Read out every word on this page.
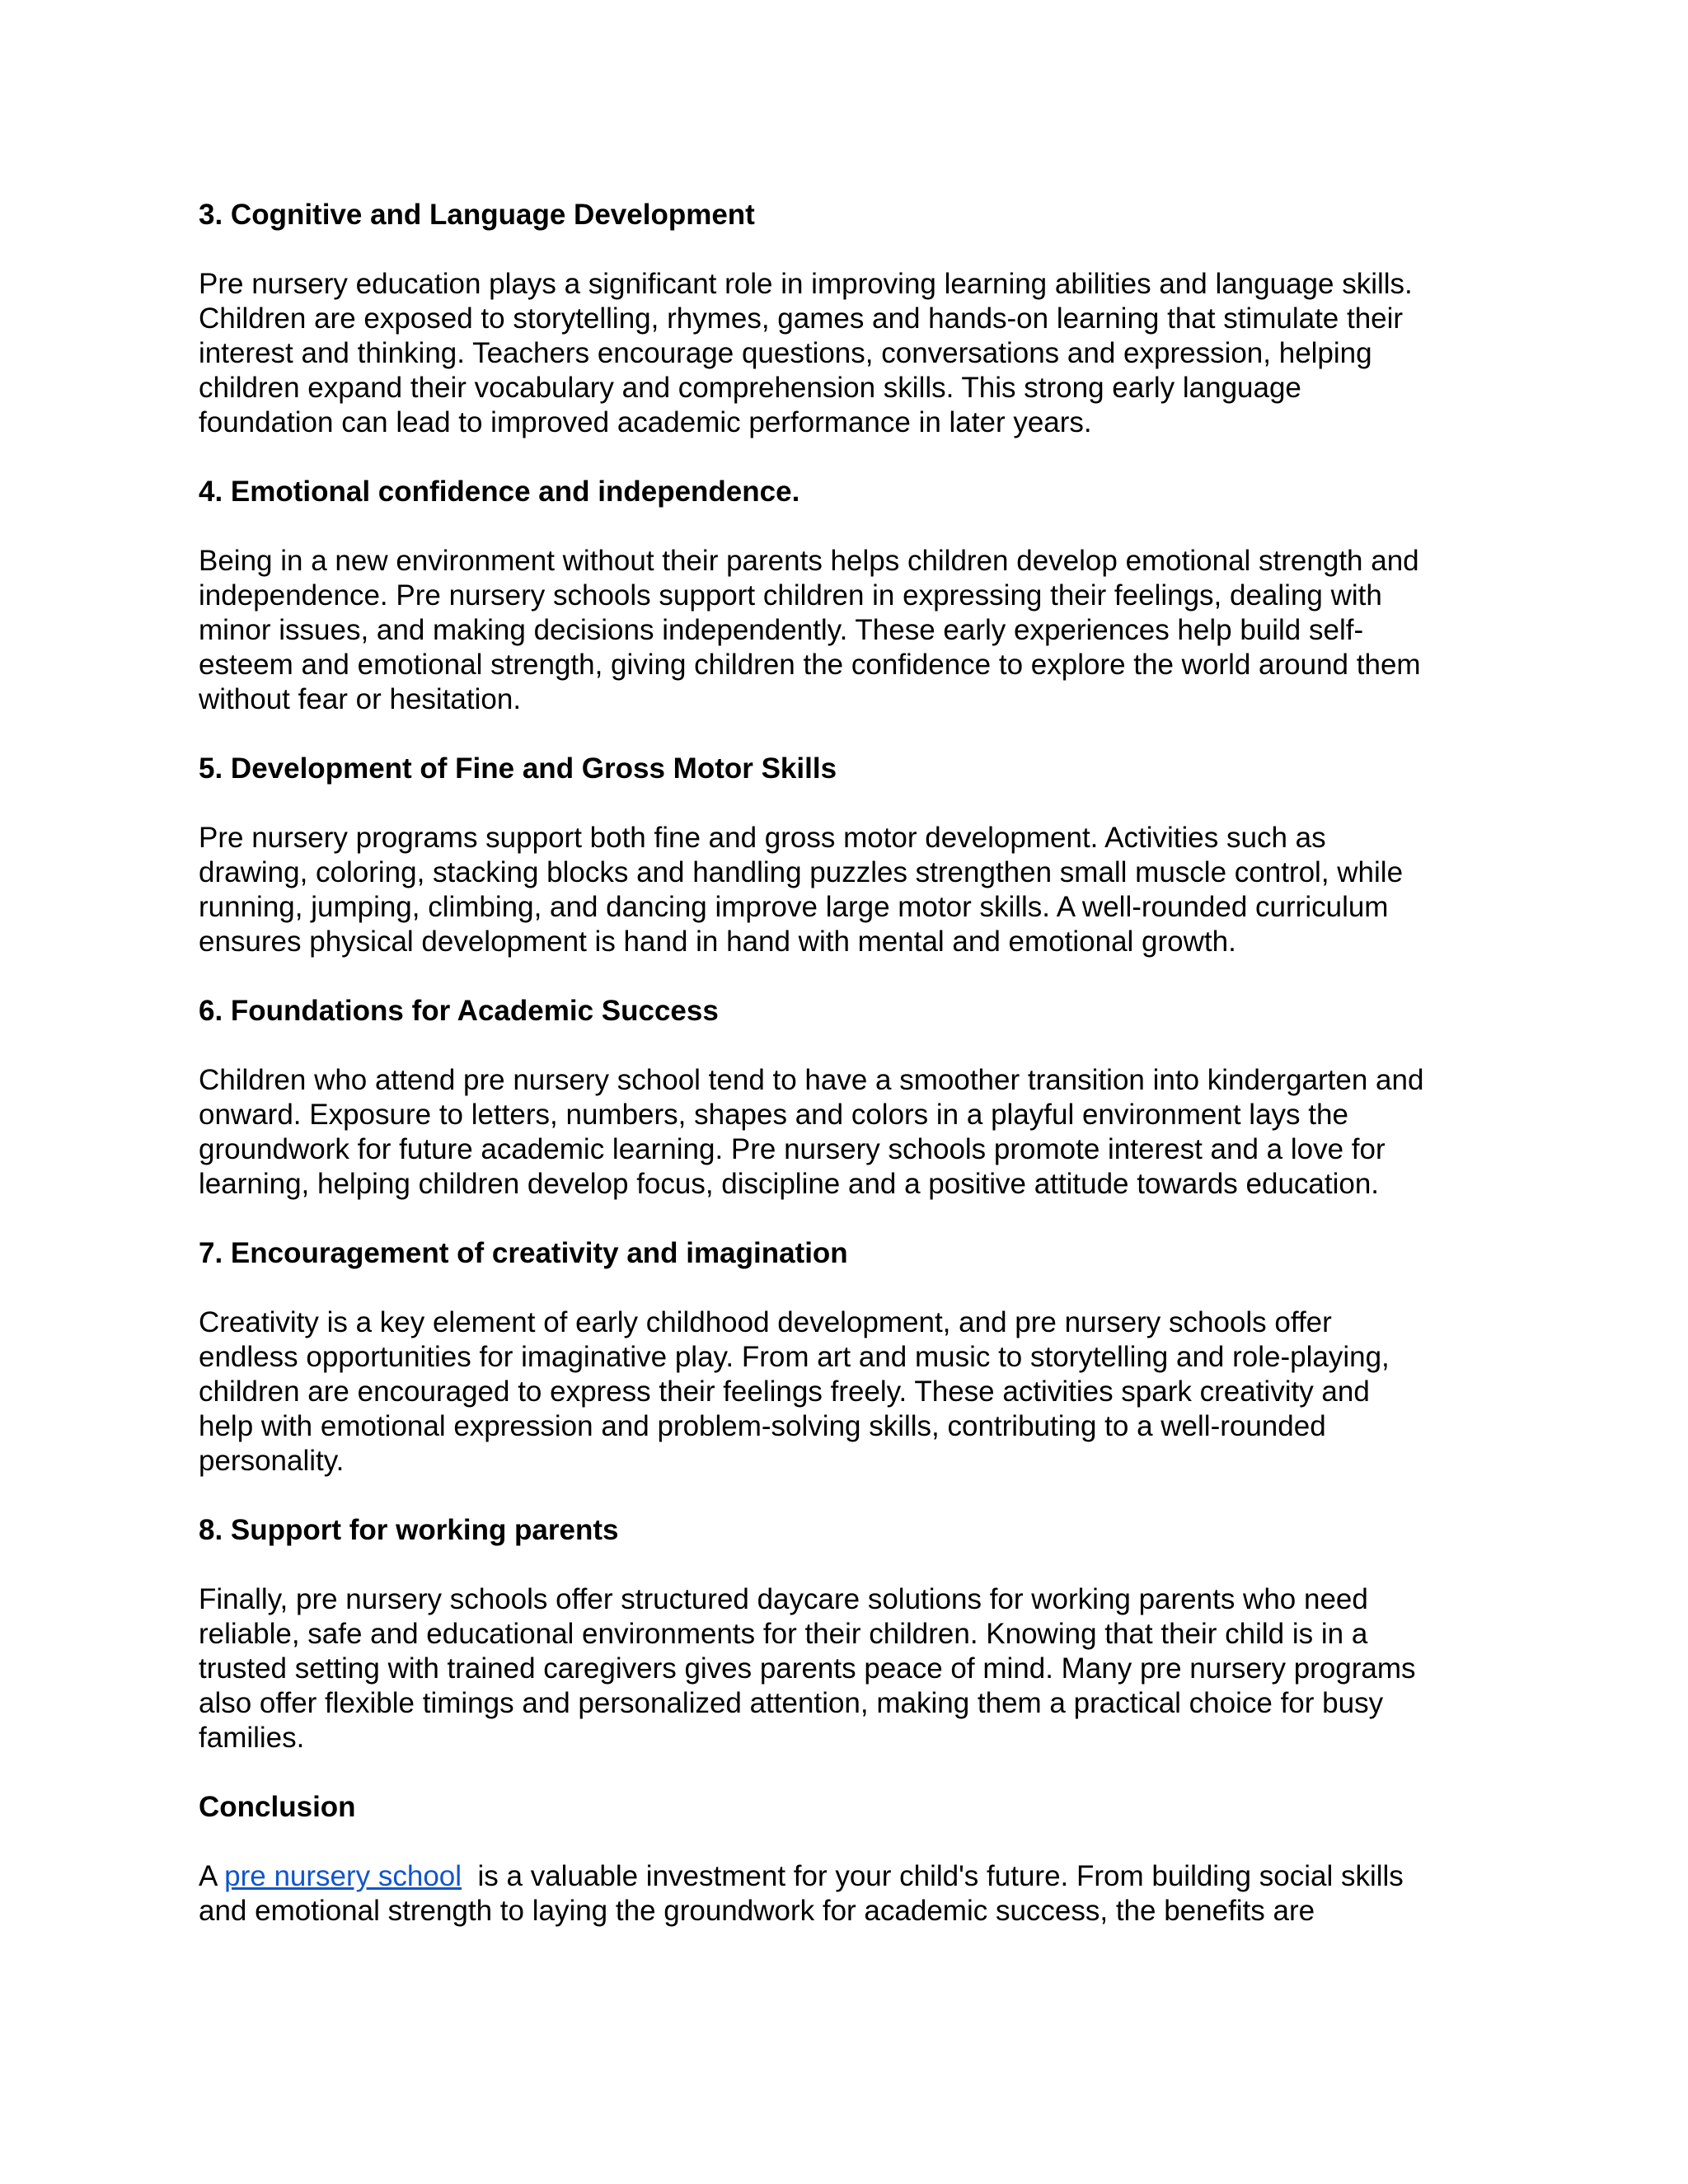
3. Cognitive and Language Development
Pre nursery education plays a significant role in improving learning abilities and language skills.
Children are exposed to storytelling, rhymes, games and hands-on learning that stimulate their
interest and thinking. Teachers encourage questions, conversations and expression, helping
children expand their vocabulary and comprehension skills. This strong early language
foundation can lead to improved academic performance in later years.
4. Emotional confidence and independence.
Being in a new environment without their parents helps children develop emotional strength and
independence. Pre nursery schools support children in expressing their feelings, dealing with
minor issues, and making decisions independently. These early experiences help build self-
esteem and emotional strength, giving children the confidence to explore the world around them
without fear or hesitation.
5. Development of Fine and Gross Motor Skills
Pre nursery programs support both fine and gross motor development. Activities such as
drawing, coloring, stacking blocks and handling puzzles strengthen small muscle control, while
running, jumping, climbing, and dancing improve large motor skills. A well-rounded curriculum
ensures physical development is hand in hand with mental and emotional growth.
6. Foundations for Academic Success
Children who attend pre nursery school tend to have a smoother transition into kindergarten and
onward. Exposure to letters, numbers, shapes and colors in a playful environment lays the
groundwork for future academic learning. Pre nursery schools promote interest and a love for
learning, helping children develop focus, discipline and a positive attitude towards education.
7. Encouragement of creativity and imagination
Creativity is a key element of early childhood development, and pre nursery schools offer
endless opportunities for imaginative play. From art and music to storytelling and role-playing,
children are encouraged to express their feelings freely. These activities spark creativity and
help with emotional expression and problem-solving skills, contributing to a well-rounded
personality.
8. Support for working parents
Finally, pre nursery schools offer structured daycare solutions for working parents who need
reliable, safe and educational environments for their children. Knowing that their child is in a
trusted setting with trained caregivers gives parents peace of mind. Many pre nursery programs
also offer flexible timings and personalized attention, making them a practical choice for busy
families.
Conclusion
A pre nursery school  is a valuable investment for your child's future. From building social skills
and emotional strength to laying the groundwork for academic success, the benefits are
